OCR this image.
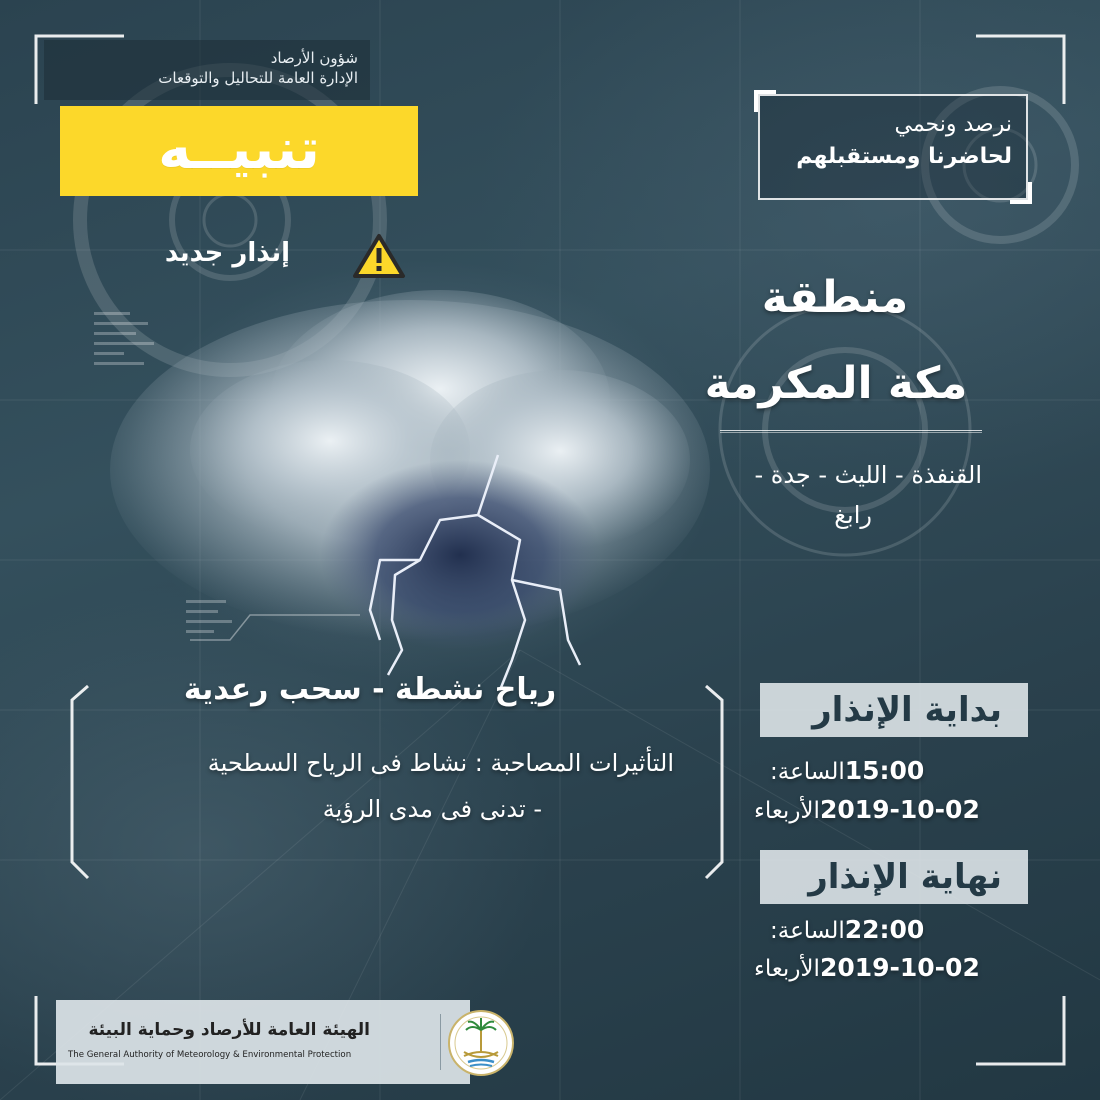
شؤون الأرصاد
الإدارة العامة للتحاليل والتوقعات
تنبيــه
إنذار جديد
نرصد ونحمي
لحاضرنا ومستقبلهم
منطقة
مكة المكرمة
القنفذة - الليث - جدة -
رابغ
رياح نشطة - سحب رعدية
التأثيرات المصاحبة : نشاط فى الرياح السطحية
- تدنى فى مدى الرؤية
بداية الإنذار
الساعة: 15:00
الأربعاء 2019-10-02
نهاية الإنذار
الساعة: 22:00
الأربعاء 2019-10-02
الهيئة العامة للأرصاد وحماية البيئة
The General Authority of Meteorology & Environmental Protection
